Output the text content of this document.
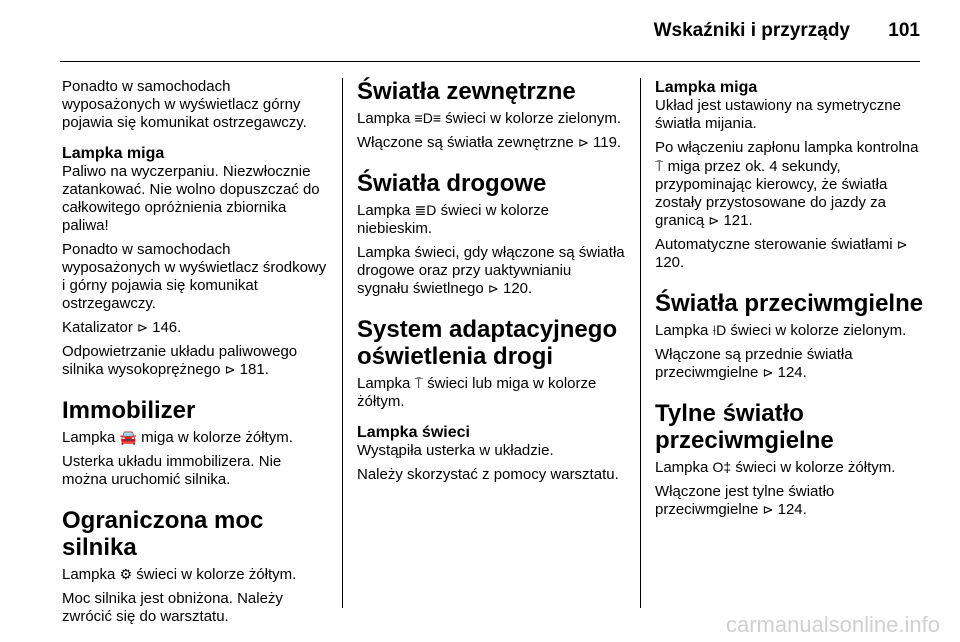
Wskaźniki i przyrządy 101

Ponadto w samochodach wyposażonych w wyświetlacz górny pojawia się komunikat ostrzegawczy.

Lampka miga

Paliwo na wyczerpaniu. Niezwłocznie zatankować. Nie wolno dopuszczać do całkowitego opróżnienia zbiornika paliwa!

Ponadto w samochodach wyposażonych w wyświetlacz środkowy i górny pojawia się komunikat ostrzegawczy.

Katalizator ⊳ 146.

Odpowietrzanie układu paliwowego silnika wysokoprężnego ⊳ 181.

Immobilizer

Lampka 🚘 miga w kolorze żółtym.

Usterka układu immobilizera. Nie można uruchomić silnika.

Ograniczona moc silnika

Lampka ⚙ świeci w kolorze żółtym.

Moc silnika jest obniżona. Należy zwrócić się do warsztatu.

Światła zewnętrzne

Lampka ≡D≡ świeci w kolorze zielonym.

Włączone są światła zewnętrzne ⊳ 119.

Światła drogowe

Lampka ≣D świeci w kolorze niebieskim.

Lampka świeci, gdy włączone są światła drogowe oraz przy uaktywnianiu sygnału świetlnego ⊳ 120.

System adaptacyjnego oświetlenia drogi

Lampka ⍑ świeci lub miga w kolorze żółtym.

Lampka świeci

Wystąpiła usterka w układzie.

Należy skorzystać z pomocy warsztatu.

Lampka miga

Układ jest ustawiony na symetryczne światła mijania.

Po włączeniu zapłonu lampka kontrolna ⍑ miga przez ok. 4 sekundy, przypominając kierowcy, że światła zostały przystosowane do jazdy za granicą ⊳ 121.

Automatyczne sterowanie światłami ⊳ 120.

Światła przeciwmgielne

Lampka ⟊D świeci w kolorze zielonym.

Włączone są przednie światła przeciwmgielne ⊳ 124.

Tylne światło przeciwmgielne

Lampka O‡ świeci w kolorze żółtym.

Włączone jest tylne światło przeciwmgielne ⊳ 124.

carmanualsonline.info
